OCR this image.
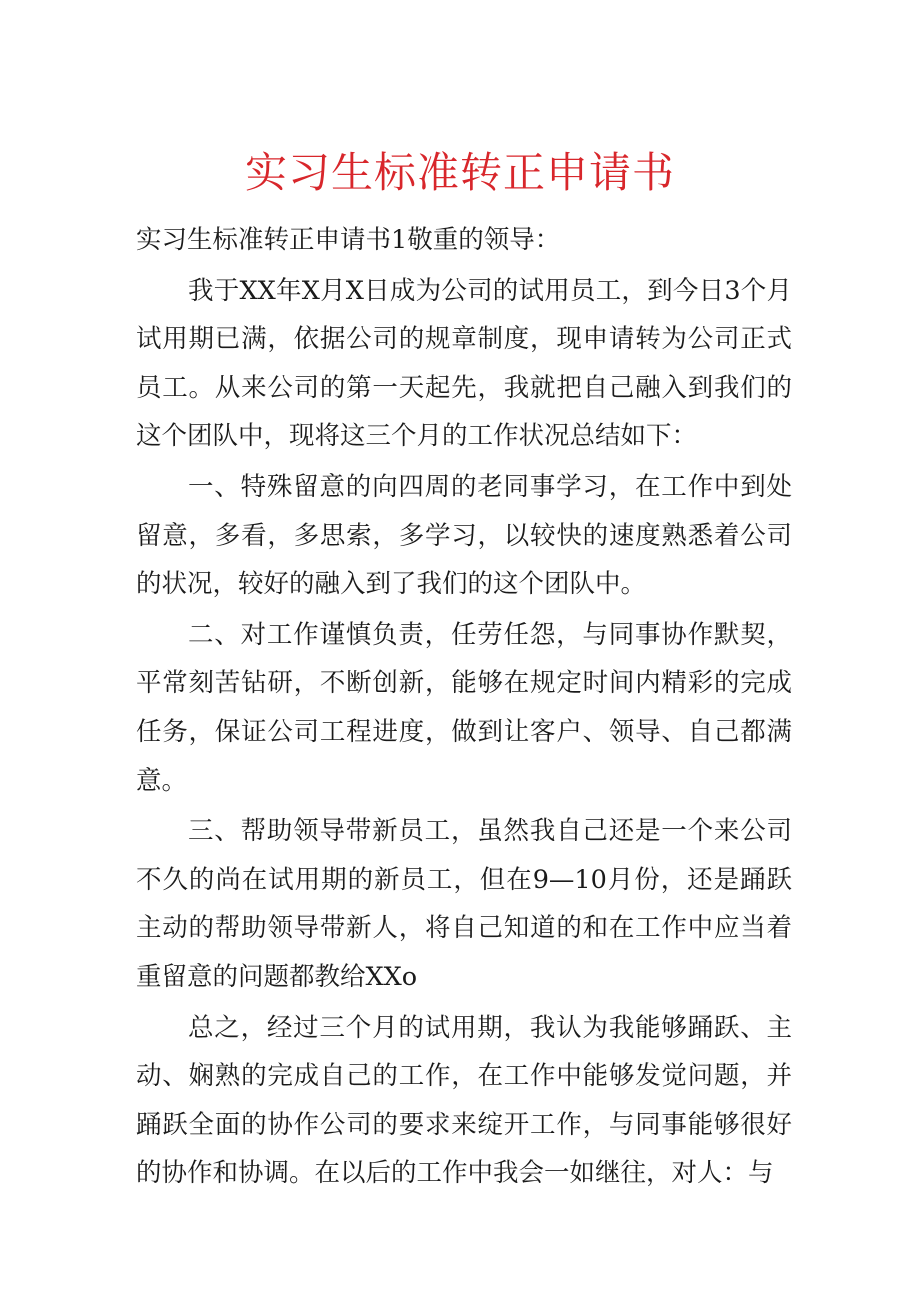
实习生标准转正申请书

实习生标准转正申请书1敬重的领导：

我于XX年X月X日成为公司的试用员工，到今日3个月试用期已满，依据公司的规章制度，现申请转为公司正式员工。从来公司的第一天起先，我就把自己融入到我们的这个团队中，现将这三个月的工作状况总结如下：

一、特殊留意的向四周的老同事学习，在工作中到处留意，多看，多思索，多学习，以较快的速度熟悉着公司的状况，较好的融入到了我们的这个团队中。

二、对工作谨慎负责，任劳任怨，与同事协作默契，平常刻苦钻研，不断创新，能够在规定时间内精彩的完成任务，保证公司工程进度，做到让客户、领导、自己都满意。

三、帮助领导带新员工，虽然我自己还是一个来公司不久的尚在试用期的新员工，但在9—10月份，还是踊跃主动的帮助领导带新人，将自己知道的和在工作中应当着重留意的问题都教给XXo

总之，经过三个月的试用期，我认为我能够踊跃、主动、娴熟的完成自己的工作，在工作中能够发觉问题，并踊跃全面的协作公司的要求来绽开工作，与同事能够很好的协作和协调。在以后的工作中我会一如继往，对人：与
